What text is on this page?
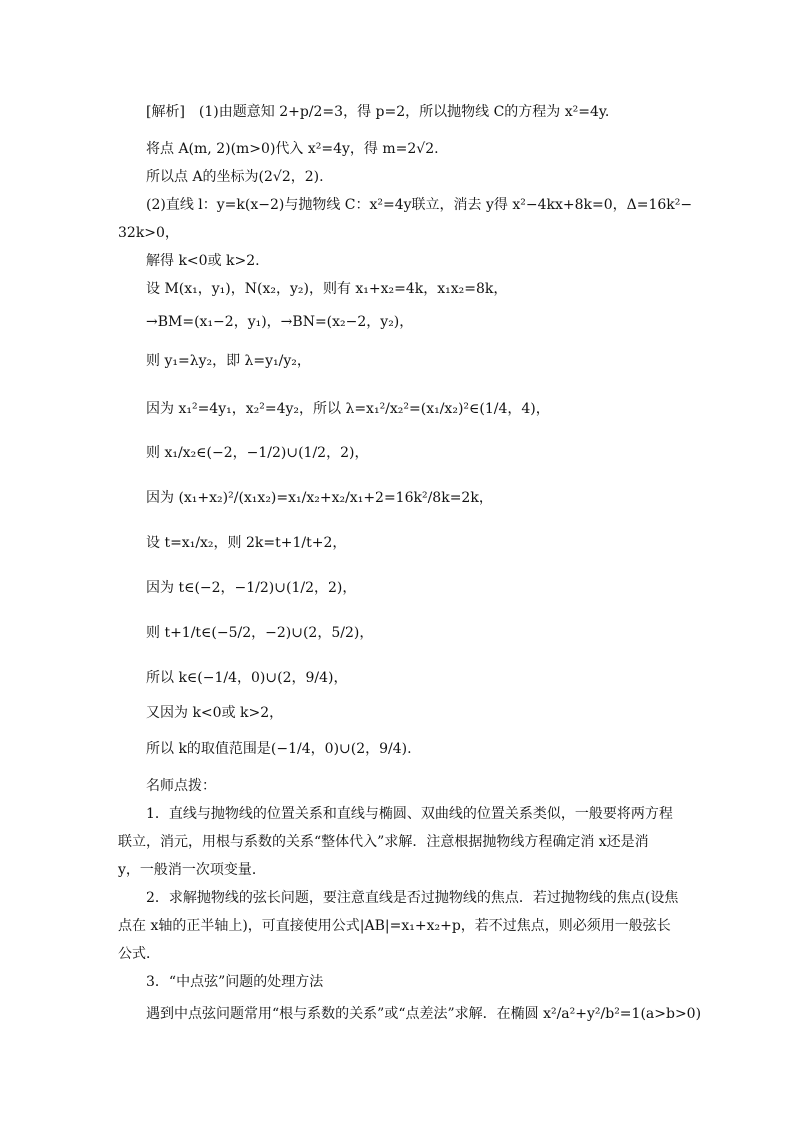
[解析]　(1)由题意知 2+p/2=3，得 p=2，所以抛物线 C的方程为 x²=4y.
将点 A(m, 2)(m>0)代入 x²=4y，得 m=2√2.
所以点 A的坐标为(2√2，2).
(2)直线 l：y=k(x−2)与抛物线 C：x²=4y联立，消去 y得 x²−4kx+8k=0，Δ=16k²−
32k>0，
解得 k<0或 k>2.
设 M(x₁，y₁)，N(x₂，y₂)，则有 x₁+x₂=4k，x₁x₂=8k，
→BM=(x₁−2，y₁)，→BN=(x₂−2，y₂)，
则 y₁=λy₂，即 λ=y₁/y₂，
因为 x₁²=4y₁，x₂²=4y₂，所以 λ=x₁²/x₂²=(x₁/x₂)²∈(1/4，4)，
则 x₁/x₂∈(−2，−1/2)∪(1/2，2)，
因为 (x₁+x₂)²/(x₁x₂)=x₁/x₂+x₂/x₁+2=16k²/8k=2k，
设 t=x₁/x₂，则 2k=t+1/t+2，
因为 t∈(−2，−1/2)∪(1/2，2)，
则 t+1/t∈(−5/2，−2)∪(2，5/2)，
所以 k∈(−1/4，0)∪(2，9/4)，
又因为 k<0或 k>2，
所以 k的取值范围是(−1/4，0)∪(2，9/4).
名师点拨：
1．直线与抛物线的位置关系和直线与椭圆、双曲线的位置关系类似，一般要将两方程
联立，消元，用根与系数的关系“整体代入”求解．注意根据抛物线方程确定消 x还是消
y，一般消一次项变量．
2．求解抛物线的弦长问题，要注意直线是否过抛物线的焦点．若过抛物线的焦点(设焦
点在 x轴的正半轴上)，可直接使用公式|AB|=x₁+x₂+p，若不过焦点，则必须用一般弦长
公式．
3．“中点弦”问题的处理方法
遇到中点弦问题常用“根与系数的关系”或“点差法”求解．在椭圆 x²/a²+y²/b²=1(a>b>0)
